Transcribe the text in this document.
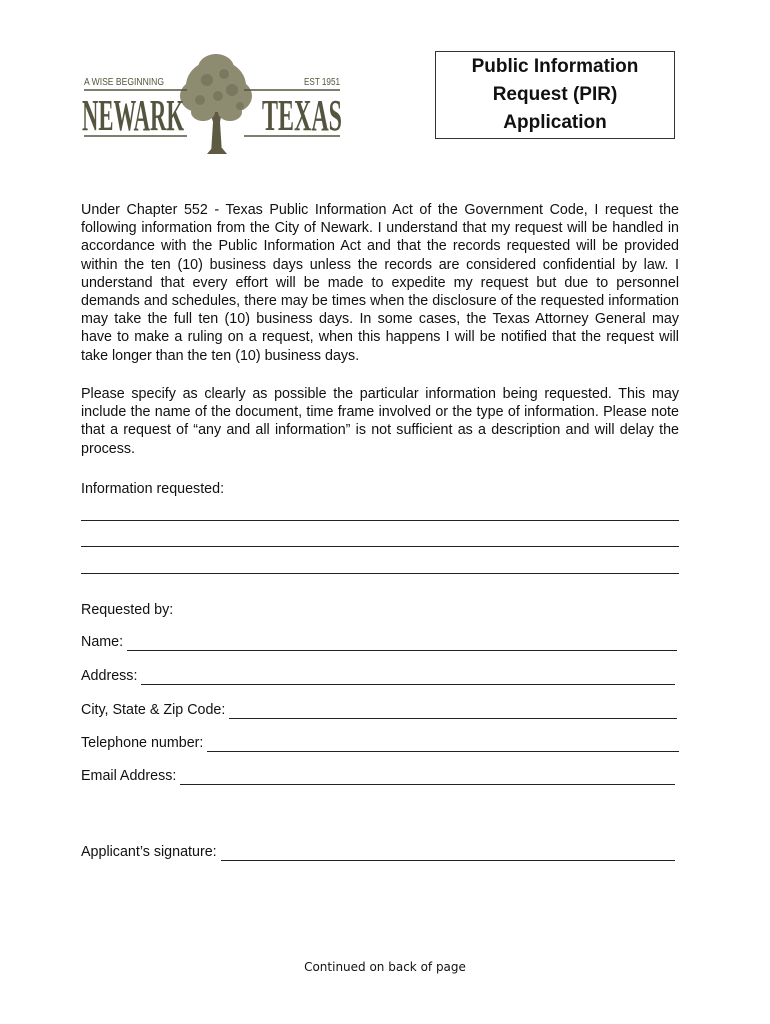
A WISE BEGINNING
NEWARK
EST 1951
TEXAS
Public Information
Request (PIR)
Application

Under Chapter 552 - Texas Public Information Act of the Government Code, I request the following information from the City of Newark. I understand that my request will be handled in accordance with the Public Information Act and that the records requested will be provided within the ten (10) business days unless the records are considered confidential by law. I understand that every effort will be made to expedite my request but due to personnel demands and schedules, there may be times when the disclosure of the requested information may take the full ten (10) business days. In some cases, the Texas Attorney General may have to make a ruling on a request, when this happens I will be notified that the request will take longer than the ten (10) business days.

Please specify as clearly as possible the particular information being requested. This may include the name of the document, time frame involved or the type of information. Please note that a request of “any and all information” is not sufficient as a description and will delay the process.

Information requested:
Requested by:
Name:
Address:
City, State & Zip Code:
Telephone number:
Email Address:
Applicant’s signature:
Continued on back of page
